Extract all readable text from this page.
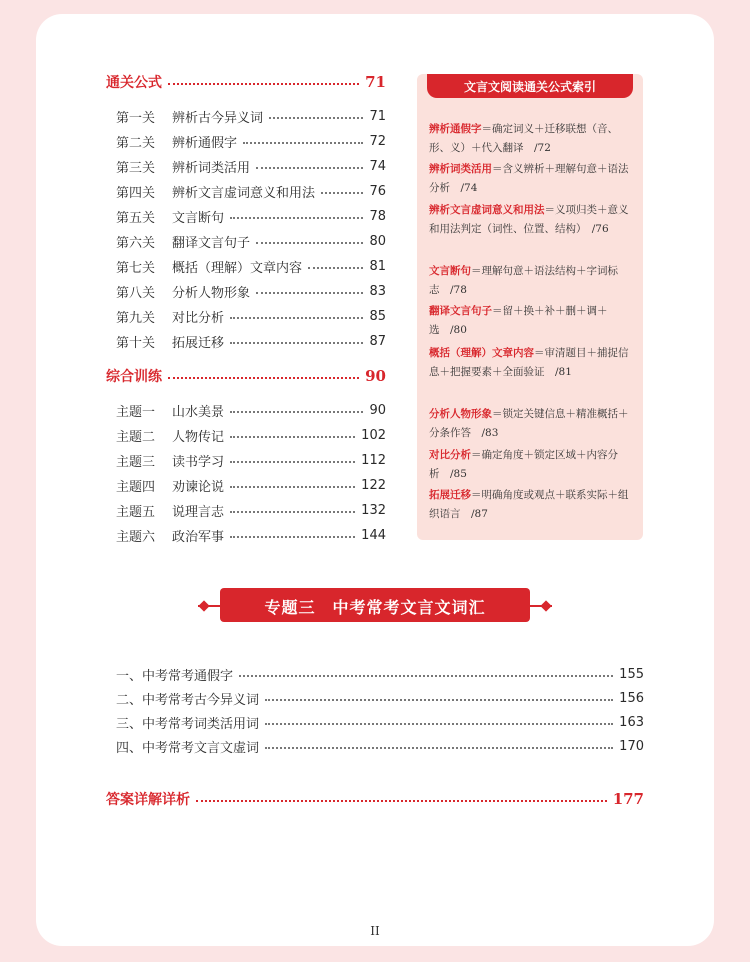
通关公式	71
第一关	辨析古今异义词	71
第二关	辨析通假字	72
第三关	辨析词类活用	74
第四关	辨析文言虚词意义和用法	76
第五关	文言断句	78
第六关	翻译文言句子	80
第七关	概括（理解）文章内容	81
第八关	分析人物形象	83
第九关	对比分析	85
第十关	拓展迁移	87
综合训练	90
主题一	山水美景	90
主题二	人物传记	102
主题三	读书学习	112
主题四	劝谏论说	122
主题五	说理言志	132
主题六	政治军事	144
文言文阅读通关公式索引
辨析通假字＝确定词义＋迁移联想（音、形、义）＋代入翻译　/72
辨析词类活用＝含义辨析＋理解句意＋语法分析　/74
辨析文言虚词意义和用法＝义项归类＋意义和用法判定（词性、位置、结构）　/76
文言断句＝理解句意＋语法结构＋字词标志　/78
翻译文言句子＝留＋换＋补＋删＋调＋选　/80
概括（理解）文章内容＝审清题目＋捕捉信息＋把握要素＋全面验证　/81
分析人物形象＝锁定关键信息＋精准概括＋分条作答　/83
对比分析＝确定角度＋锁定区域＋内容分析　/85
拓展迁移＝明确角度或观点＋联系实际＋组织语言　/87
专题三　中考常考文言文词汇
一、中考常考通假字	155
二、中考常考古今异义词	156
三、中考常考词类活用词	163
四、中考常考文言文虚词	170
答案详解详析	177
II
